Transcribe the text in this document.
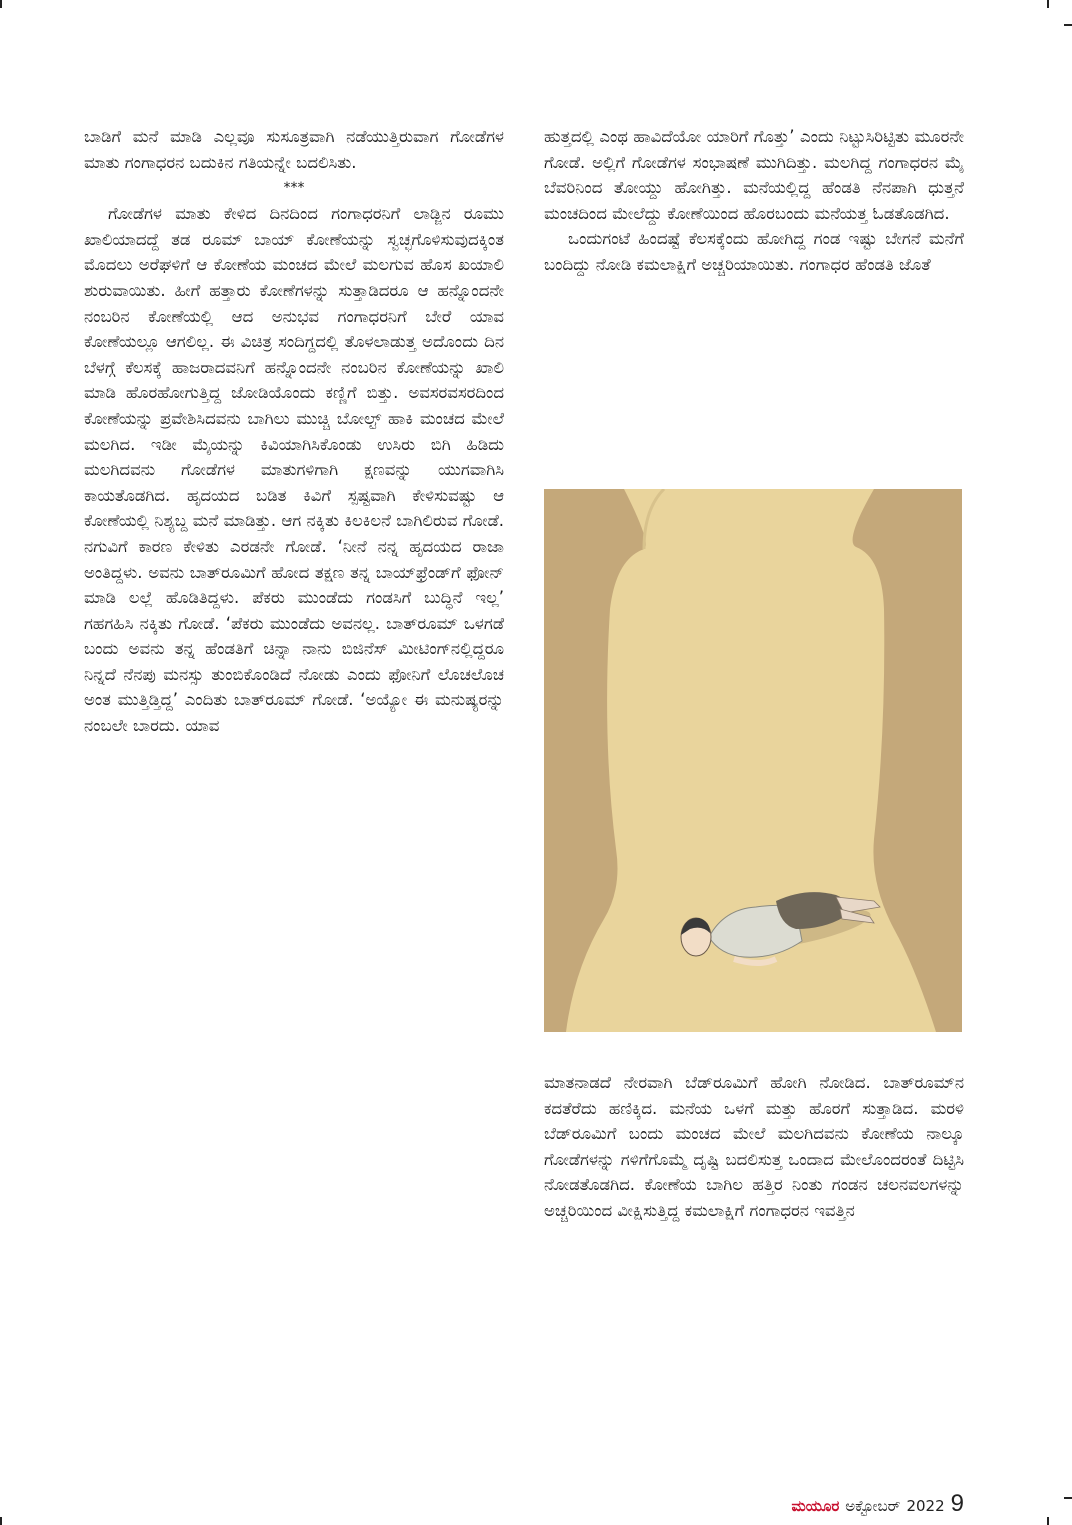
ಬಾಡಿಗೆ ಮನೆ ಮಾಡಿ ಎಲ್ಲವೂ ಸುಸೂತ್ರವಾಗಿ ನಡೆಯುತ್ತಿರುವಾಗ ಗೋಡೆಗಳ ಮಾತು ಗಂಗಾಧರನ ಬದುಕಿನ ಗತಿಯನ್ನೇ ಬದಲಿಸಿತು.

***

ಗೋಡೆಗಳ ಮಾತು ಕೇಳಿದ ದಿನದಿಂದ ಗಂಗಾಧರನಿಗೆ ಲಾಡ್ಜಿನ ರೂಮು ಖಾಲಿಯಾದದ್ದೆ ತಡ ರೂಮ್ ಬಾಯ್ ಕೋಣೆಯನ್ನು ಸ್ವಚ್ಛಗೊಳಿಸುವುದಕ್ಕಿಂತ ಮೊದಲು ಅರೆಘಳಿಗೆ ಆ ಕೋಣೆಯ ಮಂಚದ ಮೇಲೆ ಮಲಗುವ ಹೊಸ ಖಯಾಲಿ ಶುರುವಾಯಿತು. ಹೀಗೆ ಹತ್ತಾರು ಕೋಣೆಗಳನ್ನು ಸುತ್ತಾಡಿದರೂ ಆ ಹನ್ನೊಂದನೇ ನಂಬರಿನ ಕೋಣೆಯಲ್ಲಿ ಆದ ಅನುಭವ ಗಂಗಾಧರನಿಗೆ ಬೇರೆ ಯಾವ ಕೋಣೆಯಲ್ಲೂ ಆಗಲಿಲ್ಲ. ಈ ವಿಚಿತ್ರ ಸಂದಿಗ್ದದಲ್ಲಿ ತೊಳಲಾಡುತ್ತ ಅದೊಂದು ದಿನ ಬೆಳಗ್ಗೆ ಕೆಲಸಕ್ಕೆ ಹಾಜರಾದವನಿಗೆ ಹನ್ನೊಂದನೇ ನಂಬರಿನ ಕೋಣೆಯನ್ನು ಖಾಲಿ ಮಾಡಿ ಹೊರಹೋಗುತ್ತಿದ್ದ ಜೋಡಿಯೊಂದು ಕಣ್ಣಿಗೆ ಬಿತ್ತು. ಅವಸರವಸರದಿಂದ ಕೋಣೆಯನ್ನು ಪ್ರವೇಶಿಸಿದವನು ಬಾಗಿಲು ಮುಚ್ಚಿ ಬೋಲ್ಟ್ ಹಾಕಿ ಮಂಚದ ಮೇಲೆ ಮಲಗಿದ. ಇಡೀ ಮೈಯನ್ನು ಕಿವಿಯಾಗಿಸಿಕೊಂಡು ಉಸಿರು ಬಿಗಿ ಹಿಡಿದು ಮಲಗಿದವನು ಗೋಡೆಗಳ ಮಾತುಗಳಿಗಾಗಿ ಕ್ಷಣವನ್ನು ಯುಗವಾಗಿಸಿ ಕಾಯತೊಡಗಿದ. ಹೃದಯದ ಬಡಿತ ಕಿವಿಗೆ ಸ್ಪಷ್ಟವಾಗಿ ಕೇಳಿಸುವಷ್ಟು ಆ ಕೋಣೆಯಲ್ಲಿ ನಿಶ್ಯಬ್ದ ಮನೆ ಮಾಡಿತ್ತು. ಆಗ ನಕ್ಕಿತು ಕಿಲಕಿಲನೆ ಬಾಗಿಲಿರುವ ಗೋಡೆ. ನಗುವಿಗೆ ಕಾರಣ ಕೇಳಿತು ಎರಡನೇ ಗೋಡೆ. ‘ನೀನೆ ನನ್ನ ಹೃದಯದ ರಾಜಾ ಅಂತಿದ್ದಳು. ಅವನು ಬಾತ್‌ರೂಮಿಗೆ ಹೋದ ತಕ್ಷಣ ತನ್ನ ಬಾಯ್‌ಫ್ರೆಂಡ್‌ಗೆ ಫೋನ್ ಮಾಡಿ ಲಲ್ಲೆ ಹೊಡಿತಿದ್ದಳು. ಪೆಕರು ಮುಂಡೆದು ಗಂಡಸಿಗೆ ಬುದ್ಧಿನೆ ಇಲ್ಲ’ ಗಹಗಹಿಸಿ ನಕ್ಕಿತು ಗೋಡೆ. ‘ಪೆಕರು ಮುಂಡೆದು ಅವನಲ್ಲ. ಬಾತ್‌ರೂಮ್ ಒಳಗಡೆ ಬಂದು ಅವನು ತನ್ನ ಹೆಂಡತಿಗೆ ಚಿನ್ನಾ ನಾನು ಬಿಜಿನೆಸ್ ಮೀಟಿಂಗ್‌ನಲ್ಲಿದ್ದರೂ ನಿನ್ನದೆ ನೆನಪು ಮನಸ್ಸು ತುಂಬಿಕೊಂಡಿದೆ ನೋಡು ಎಂದು ಫೋನಿಗೆ ಲೊಚಲೊಚ ಅಂತ ಮುತ್ತಿಡ್ತಿದ್ದ’ ಎಂದಿತು ಬಾತ್‌ರೂಮ್ ಗೋಡೆ. ‘ಅಯ್ಯೋ ಈ ಮನುಷ್ಯರನ್ನು ನಂಬಲೇ ಬಾರದು. ಯಾವ

ಹುತ್ತದಲ್ಲಿ ಎಂಥ ಹಾವಿದೆಯೋ ಯಾರಿಗೆ ಗೊತ್ತು’ ಎಂದು ನಿಟ್ಟುಸಿರಿಟ್ಟಿತು ಮೂರನೇ ಗೋಡೆ. ಅಲ್ಲಿಗೆ ಗೋಡೆಗಳ ಸಂಭಾಷಣೆ ಮುಗಿದಿತ್ತು. ಮಲಗಿದ್ದ ಗಂಗಾಧರನ ಮೈ ಬೆವರಿನಿಂದ ತೋಯ್ದು ಹೋಗಿತ್ತು. ಮನೆಯಲ್ಲಿದ್ದ ಹೆಂಡತಿ ನೆನಪಾಗಿ ಧುತ್ತನೆ ಮಂಚದಿಂದ ಮೇಲೆದ್ದು ಕೋಣೆಯಿಂದ ಹೊರಬಂದು ಮನೆಯತ್ತ ಓಡತೊಡಗಿದ.

ಒಂದುಗಂಟೆ ಹಿಂದಷ್ಟೆ ಕೆಲಸಕ್ಕೆಂದು ಹೋಗಿದ್ದ ಗಂಡ ಇಷ್ಟು ಬೇಗನೆ ಮನೆಗೆ ಬಂದಿದ್ದು ನೋಡಿ ಕಮಲಾಕ್ಷಿಗೆ ಅಚ್ಚರಿಯಾಯಿತು. ಗಂಗಾಧರ ಹೆಂಡತಿ ಜೊತೆ

ಮಾತನಾಡದೆ ನೇರವಾಗಿ ಬೆಡ್‌ರೂಮಿಗೆ ಹೋಗಿ ನೋಡಿದ. ಬಾತ್‌ರೂಮ್‌ನ ಕದತೆರೆದು ಹಣಿಕ್ಕಿದ. ಮನೆಯ ಒಳಗೆ ಮತ್ತು ಹೊರಗೆ ಸುತ್ತಾಡಿದ. ಮರಳಿ ಬೆಡ್‌ರೂಮಿಗೆ ಬಂದು ಮಂಚದ ಮೇಲೆ ಮಲಗಿದವನು ಕೋಣೆಯ ನಾಲ್ಕೂ ಗೋಡೆಗಳನ್ನು ಗಳಿಗೆಗೊಮ್ಮೆ ದೃಷ್ಟಿ ಬದಲಿಸುತ್ತ ಒಂದಾದ ಮೇಲೊಂದರಂತೆ ದಿಟ್ಟಿಸಿ ನೋಡತೊಡಗಿದ. ಕೋಣೆಯ ಬಾಗಿಲ ಹತ್ತಿರ ನಿಂತು ಗಂಡನ ಚಲನವಲಗಳನ್ನು ಅಚ್ಚರಿಯಿಂದ ವೀಕ್ಷಿಸುತ್ತಿದ್ದ ಕಮಲಾಕ್ಷಿಗೆ ಗಂಗಾಧರನ ಇವತ್ತಿನ

ಮಯೂರ ಅಕ್ಟೋಬರ್ 2022 9
